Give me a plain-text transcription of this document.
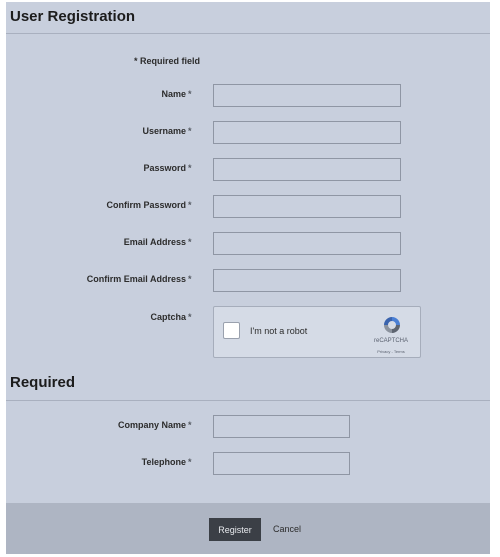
User Registration
* Required field
Name *
Username *
Password *
Confirm Password *
Email Address *
Confirm Email Address *
Captcha *
I'm not a robot
reCAPTCHA
Privacy - Terms
Required
Company Name *
Telephone *
Register	Cancel
